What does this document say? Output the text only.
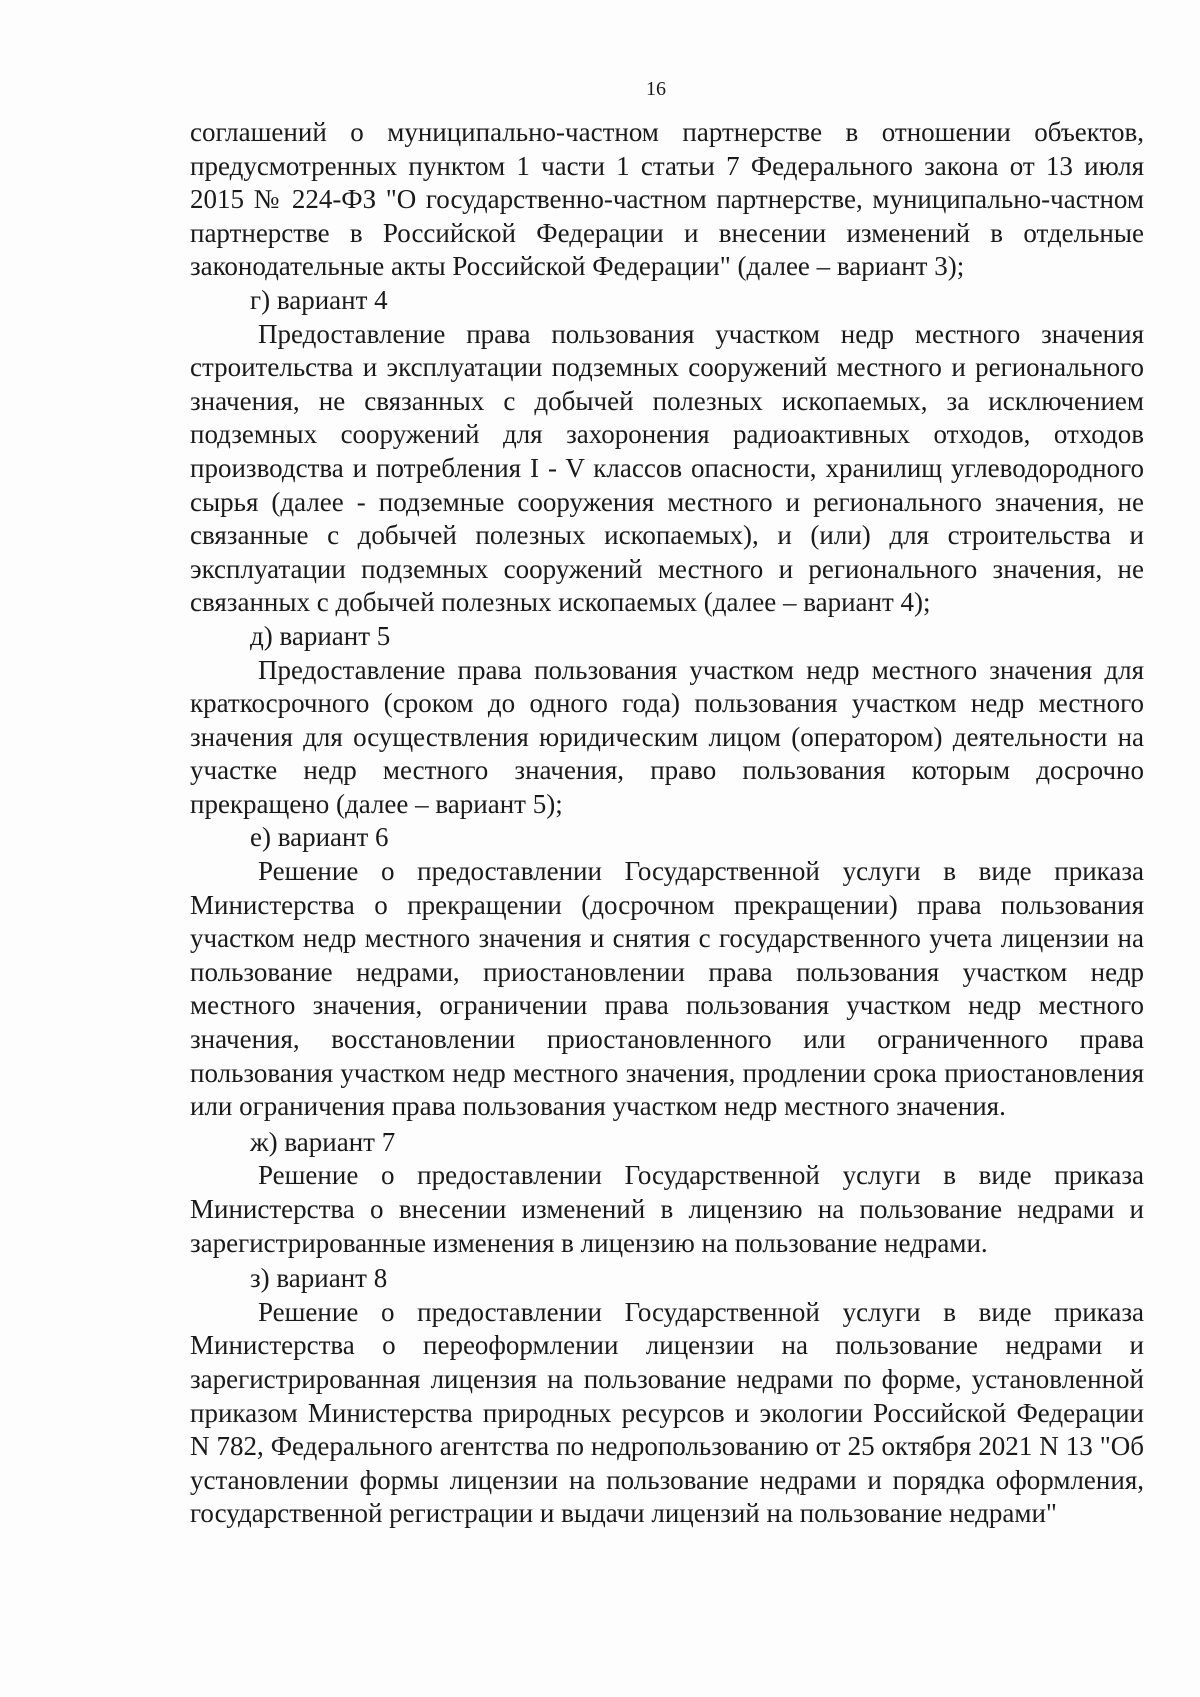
16

соглашений о муниципально-частном партнерстве в отношении объектов, предусмотренных пунктом 1 части 1 статьи 7 Федерального закона от 13 июля 2015 № 224-ФЗ "О государственно-частном партнерстве, муниципально-частном партнерстве в Российской Федерации и внесении изменений в отдельные законодательные акты Российской Федерации" (далее – вариант 3);

г) вариант 4

Предоставление права пользования участком недр местного значения строительства и эксплуатации подземных сооружений местного и регионального значения, не связанных с добычей полезных ископаемых, за исключением подземных сооружений для захоронения радиоактивных отходов, отходов производства и потребления I - V классов опасности, хранилищ углеводородного сырья (далее - подземные сооружения местного и регионального значения, не связанные с добычей полезных ископаемых), и (или) для строительства и эксплуатации подземных сооружений местного и регионального значения, не связанных с добычей полезных ископаемых (далее – вариант 4);

д) вариант 5

Предоставление права пользования участком недр местного значения для краткосрочного (сроком до одного года) пользования участком недр местного значения для осуществления юридическим лицом (оператором) деятельности на участке недр местного значения, право пользования которым досрочно прекращено (далее – вариант 5);

е) вариант 6

Решение о предоставлении Государственной услуги в виде приказа Министерства о прекращении (досрочном прекращении) права пользования участком недр местного значения и снятия с государственного учета лицензии на пользование недрами, приостановлении права пользования участком недр местного значения, ограничении права пользования участком недр местного значения, восстановлении приостановленного или ограниченного права пользования участком недр местного значения, продлении срока приостановления или ограничения права пользования участком недр местного значения.

ж) вариант 7

Решение о предоставлении Государственной услуги в виде приказа Министерства о внесении изменений в лицензию на пользование недрами и зарегистрированные изменения в лицензию на пользование недрами.

з) вариант 8

Решение о предоставлении Государственной услуги в виде приказа Министерства о переоформлении лицензии на пользование недрами и зарегистрированная лицензия на пользование недрами по форме, установленной приказом Министерства природных ресурсов и экологии Российской Федерации N 782, Федерального агентства по недропользованию от 25 октября 2021 N 13 "Об установлении формы лицензии на пользование недрами и порядка оформления, государственной регистрации и выдачи лицензий на пользование недрами"
